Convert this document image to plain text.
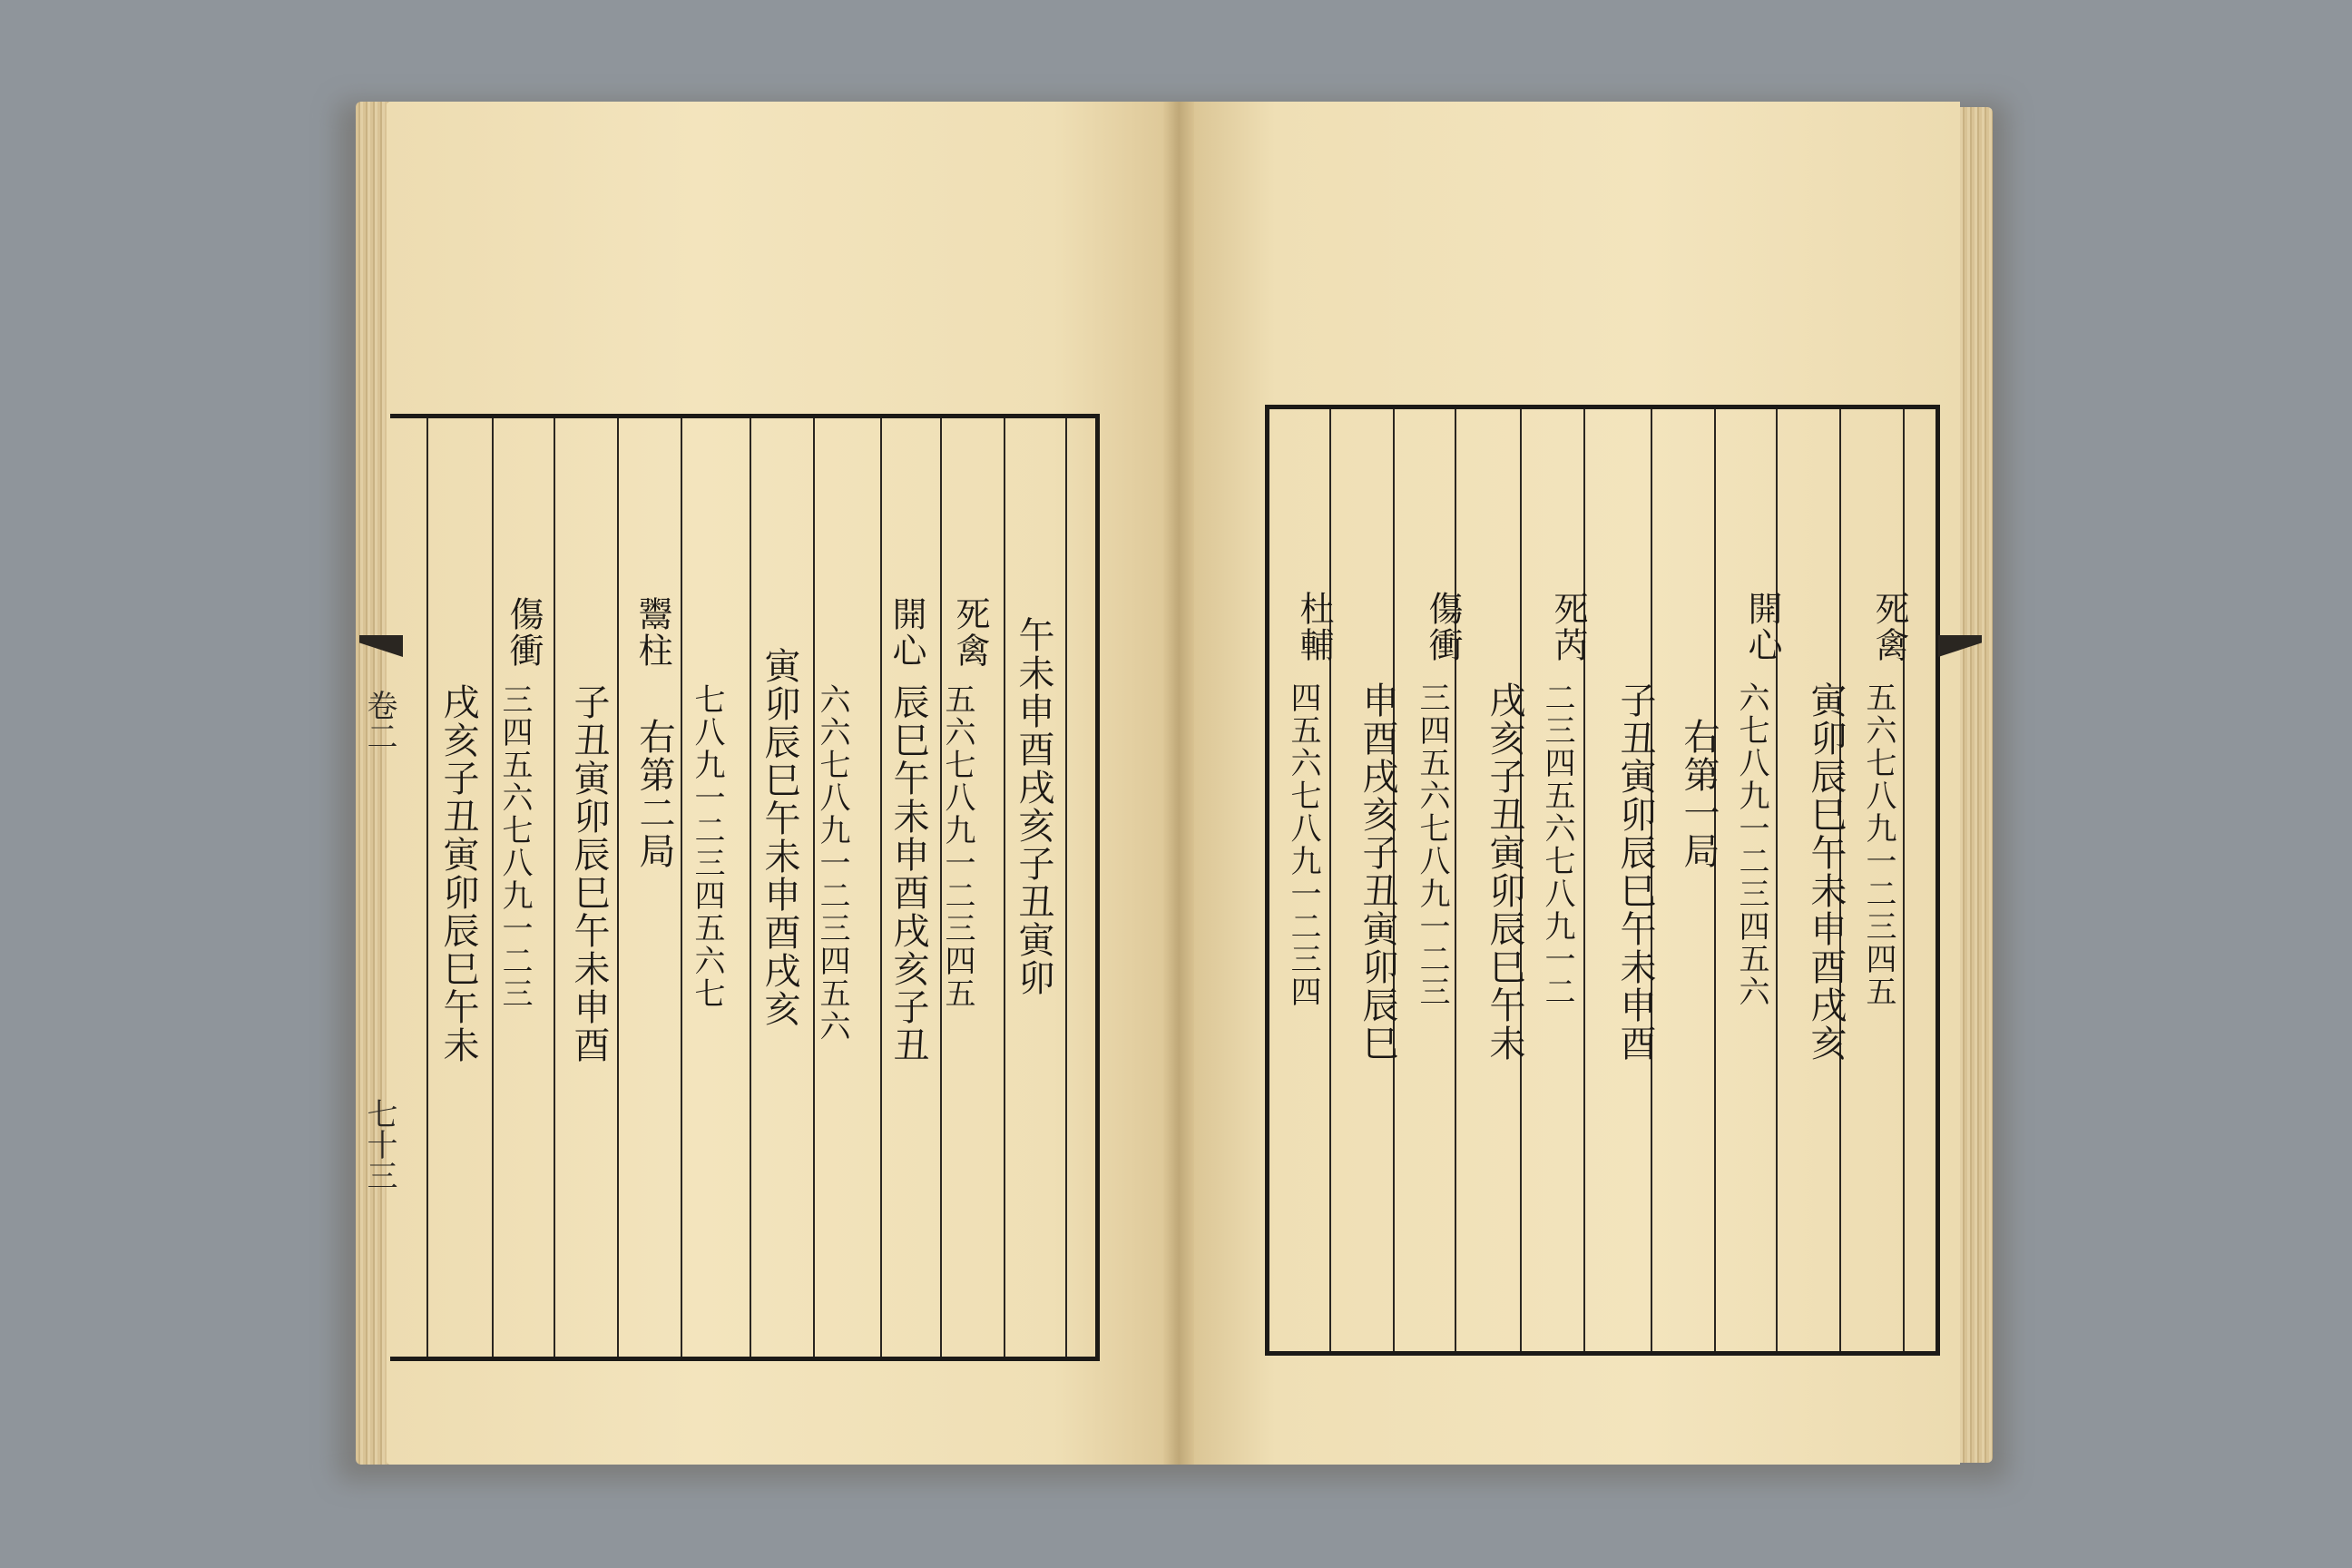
午未申酉戌亥子丑寅卯
死禽
五六七八九一二三四五
開心
辰巳午未申酉戌亥子丑
六六七八九一二三四五六
寅卯辰巳午未申酉戌亥
七八九一二三四五六七
鬻柱
右第二局
子丑寅卯辰巳午未申酉
傷衝
三四五六七八九一二三
戌亥子丑寅卯辰巳午未
卷二
七十三
死禽
五六七八九一二三四五
開心
寅卯辰巳午未申酉戌亥
六七八九一二三四五六
右第一局
死芮
子丑寅卯辰巳午未申酉
二三四五六七八九一二
傷衝
戌亥子丑寅卯辰巳午未
三四五六七八九一二三
杜輔
申酉戌亥子丑寅卯辰巳
四五六七八九一二三四
